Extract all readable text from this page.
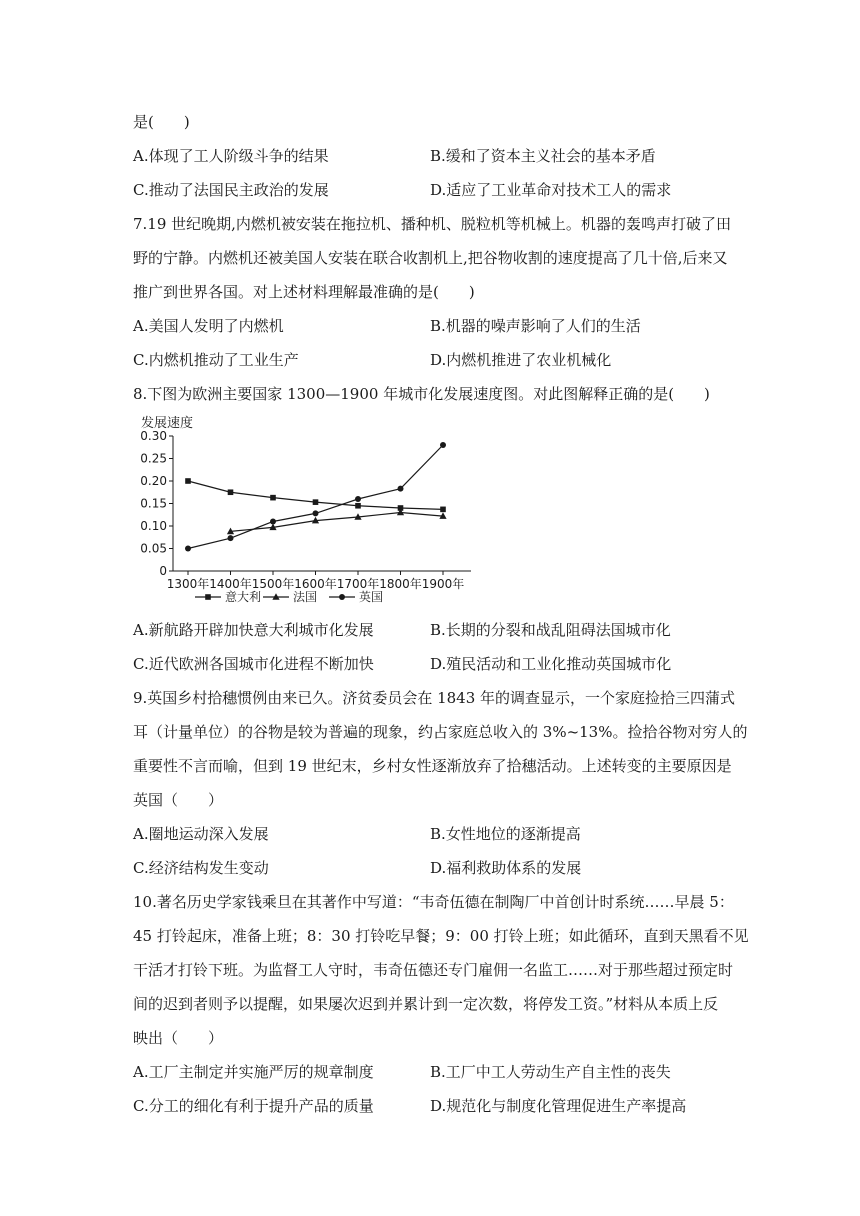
是(　　)
A.体现了工人阶级斗争的结果	B.缓和了资本主义社会的基本矛盾
C.推动了法国民主政治的发展	D.适应了工业革命对技术工人的需求
7.19 世纪晚期,内燃机被安装在拖拉机、播种机、脱粒机等机械上。机器的轰鸣声打破了田
野的宁静。内燃机还被美国人安装在联合收割机上,把谷物收割的速度提高了几十倍,后来又
推广到世界各国。对上述材料理解最准确的是(　　)
A.美国人发明了内燃机	B.机器的噪声影响了人们的生活
C.内燃机推动了工业生产	D.内燃机推进了农业机械化
8.下图为欧洲主要国家 1300—1900 年城市化发展速度图。对此图解释正确的是(　　)
发展速度
0
0.05
0.10
0.15
0.20
0.25
0.30
1300年 1400年 1500年 1600年 1700年 1800年 1900年
意大利	法国	英国
A.新航路开辟加快意大利城市化发展	B.长期的分裂和战乱阻碍法国城市化
C.近代欧洲各国城市化进程不断加快	D.殖民活动和工业化推动英国城市化
9.英国乡村拾穗惯例由来已久。济贫委员会在 1843 年的调查显示，一个家庭捡拾三四蒲式
耳（计量单位）的谷物是较为普遍的现象，约占家庭总收入的 3%~13%。捡拾谷物对穷人的
重要性不言而喻，但到 19 世纪末，乡村女性逐渐放弃了拾穗活动。上述转变的主要原因是
英国（　　）
A.圈地运动深入发展	B.女性地位的逐渐提高
C.经济结构发生变动	D.福利救助体系的发展
10.著名历史学家钱乘旦在其著作中写道：“韦奇伍德在制陶厂中首创计时系统……早晨 5：
45 打铃起床，准备上班；8：30 打铃吃早餐；9：00 打铃上班；如此循环，直到天黑看不见
干活才打铃下班。为监督工人守时，韦奇伍德还专门雇佣一名监工……对于那些超过预定时
间的迟到者则予以提醒，如果屡次迟到并累计到一定次数，将停发工资。”材料从本质上反
映出（　　）
A.工厂主制定并实施严厉的规章制度	B.工厂中工人劳动生产自主性的丧失
C.分工的细化有利于提升产品的质量	D.规范化与制度化管理促进生产率提高
